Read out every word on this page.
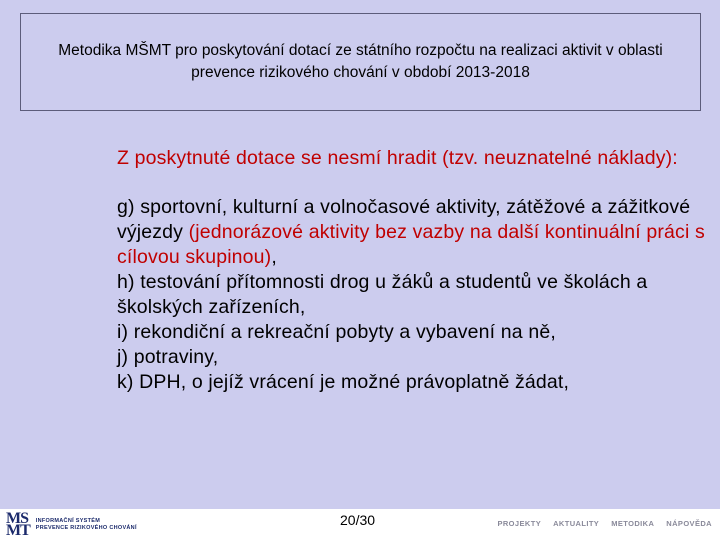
Metodika MŠMT pro poskytování dotací ze státního rozpočtu na realizaci aktivit v oblasti prevence rizikového chování v období 2013-2018
Z poskytnuté dotace se nesmí hradit (tzv. neuznatelné náklady):
g) sportovní, kulturní a volnočasové aktivity, zátěžové a zážitkové výjezdy (jednorázové aktivity bez vazby na další kontinuální práci s cílovou skupinou),
h) testování přítomnosti drog u žáků a studentů ve školách a školských zařízeních,
i) rekondiční a rekreační pobyty a vybavení na ně,
j) potraviny,
k) DPH, o jejíž vrácení je možné právoplatně žádat,
MS
MT
INFORMAČNÍ SYSTÉM
PREVENCE RIZIKOVÉHO CHOVÁNÍ	20/30	PROJEKTY AKTUALITY METODIKA NÁPOVĚDA
